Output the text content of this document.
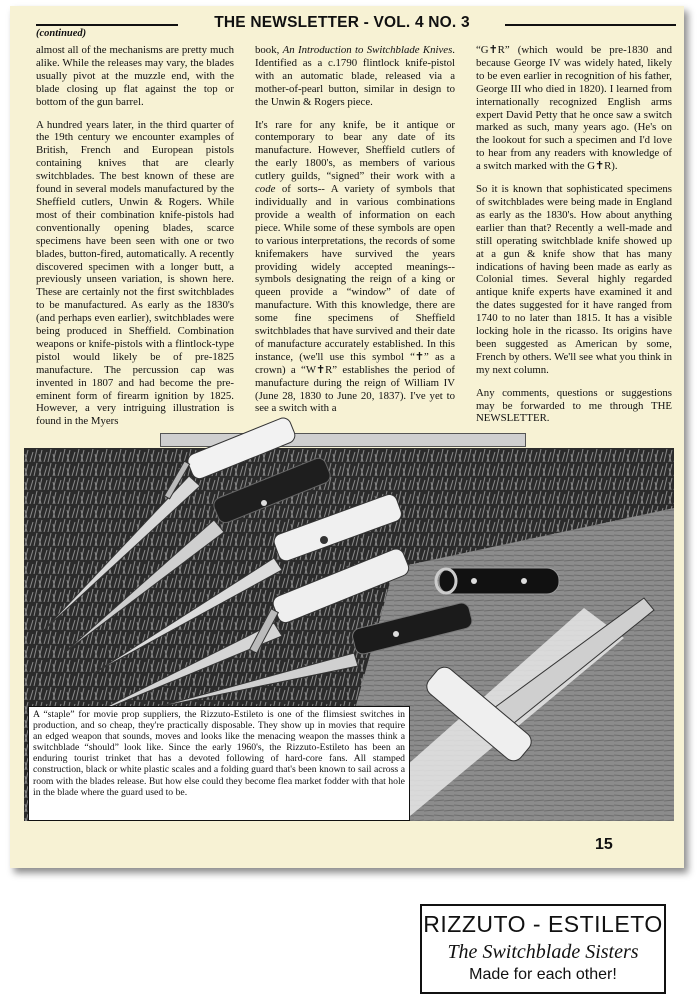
THE NEWSLETTER - VOL. 4 NO. 3
(continued)

almost all of the mechanisms are pretty much alike. While the releases may vary, the blades usually pivot at the muzzle end, with the blade closing up flat against the top or bottom of the gun barrel.

A hundred years later, in the third quarter of the 19th century we encounter examples of British, French and European pistols containing knives that are clearly switchblades. The best known of these are found in several models manufactured by the Sheffield cutlers, Unwin & Rogers. While most of their combination knife-pistols had conventionally opening blades, scarce specimens have been seen with one or two blades, button-fired, automatically. A recently discovered specimen with a longer butt, a previously unseen variation, is shown here. These are certainly not the first switchblades to be manufactured. As early as the 1830's (and perhaps even earlier), switchblades were being produced in Sheffield. Combination weapons or knife-pistols with a flintlock-type pistol would likely be of pre-1825 manufacture. The percussion cap was invented in 1807 and had become the pre-eminent form of firearm ignition by 1825. However, a very intriguing illustration is found in the Myers

book, An Introduction to Switchblade Knives. Identified as a c.1790 flintlock knife-pistol with an automatic blade, released via a mother-of-pearl button, similar in design to the Unwin & Rogers piece.

It's rare for any knife, be it antique or contemporary to bear any date of its manufacture. However, Sheffield cutlers of the early 1800's, as members of various cutlery guilds, “signed” their work with a code of sorts-- A variety of symbols that individually and in various combinations provide a wealth of information on each piece. While some of these symbols are open to various interpretations, the records of some knifemakers have survived the years providing widely accepted meanings--symbols designating the reign of a king or queen provide a “window” of date of manufacture. With this knowledge, there are some fine specimens of Sheffield switchblades that have survived and their date of manufacture accurately established. In this instance, (we'll use this symbol “✝” as a crown) a “W✝R” establishes the period of manufacture during the reign of William IV (June 28, 1830 to June 20, 1837). I've yet to see a switch with a

“G✝R” (which would be pre-1830 and because George IV was widely hated, likely to be even earlier in recognition of his father, George III who died in 1820). I learned from internationally recognized English arms expert David Petty that he once saw a switch marked as such, many years ago. (He's on the lookout for such a specimen and I'd love to hear from any readers with knowledge of a switch marked with the G✝R).

So it is known that sophisticated specimens of switchblades were being made in England as early as the 1830's. How about anything earlier than that? Recently a well-made and still operating switchblade knife showed up at a gun & knife show that has many indications of having been made as early as Colonial times. Several highly regarded antique knife experts have examined it and the dates suggested for it have ranged from 1740 to no later than 1815. It has a visible locking hole in the ricasso. Its origins have been suggested as American by some, French by others. We'll see what you think in my next column.

Any comments, questions or suggestions may be forwarded to me through THE NEWSLETTER.

RIZZUTO - ESTILETO
The Switchblade Sisters
Made for each other!
A “staple” for movie prop suppliers, the Rizzuto-Estileto is one of the flimsiest switches in production, and so cheap, they're practically disposable. They show up in movies that require an edged weapon that sounds, moves and looks like the menacing weapon the masses think a switchblade “should” look like. Since the early 1960's, the Rizzuto-Estileto has been an enduring tourist trinket that has a devoted following of hard-core fans. All stamped construction, black or white plastic scales and a folding guard that's been known to sail across a room with the blades release. But how else could they become flea market fodder with that hole in the blade where the guard used to be.
15
